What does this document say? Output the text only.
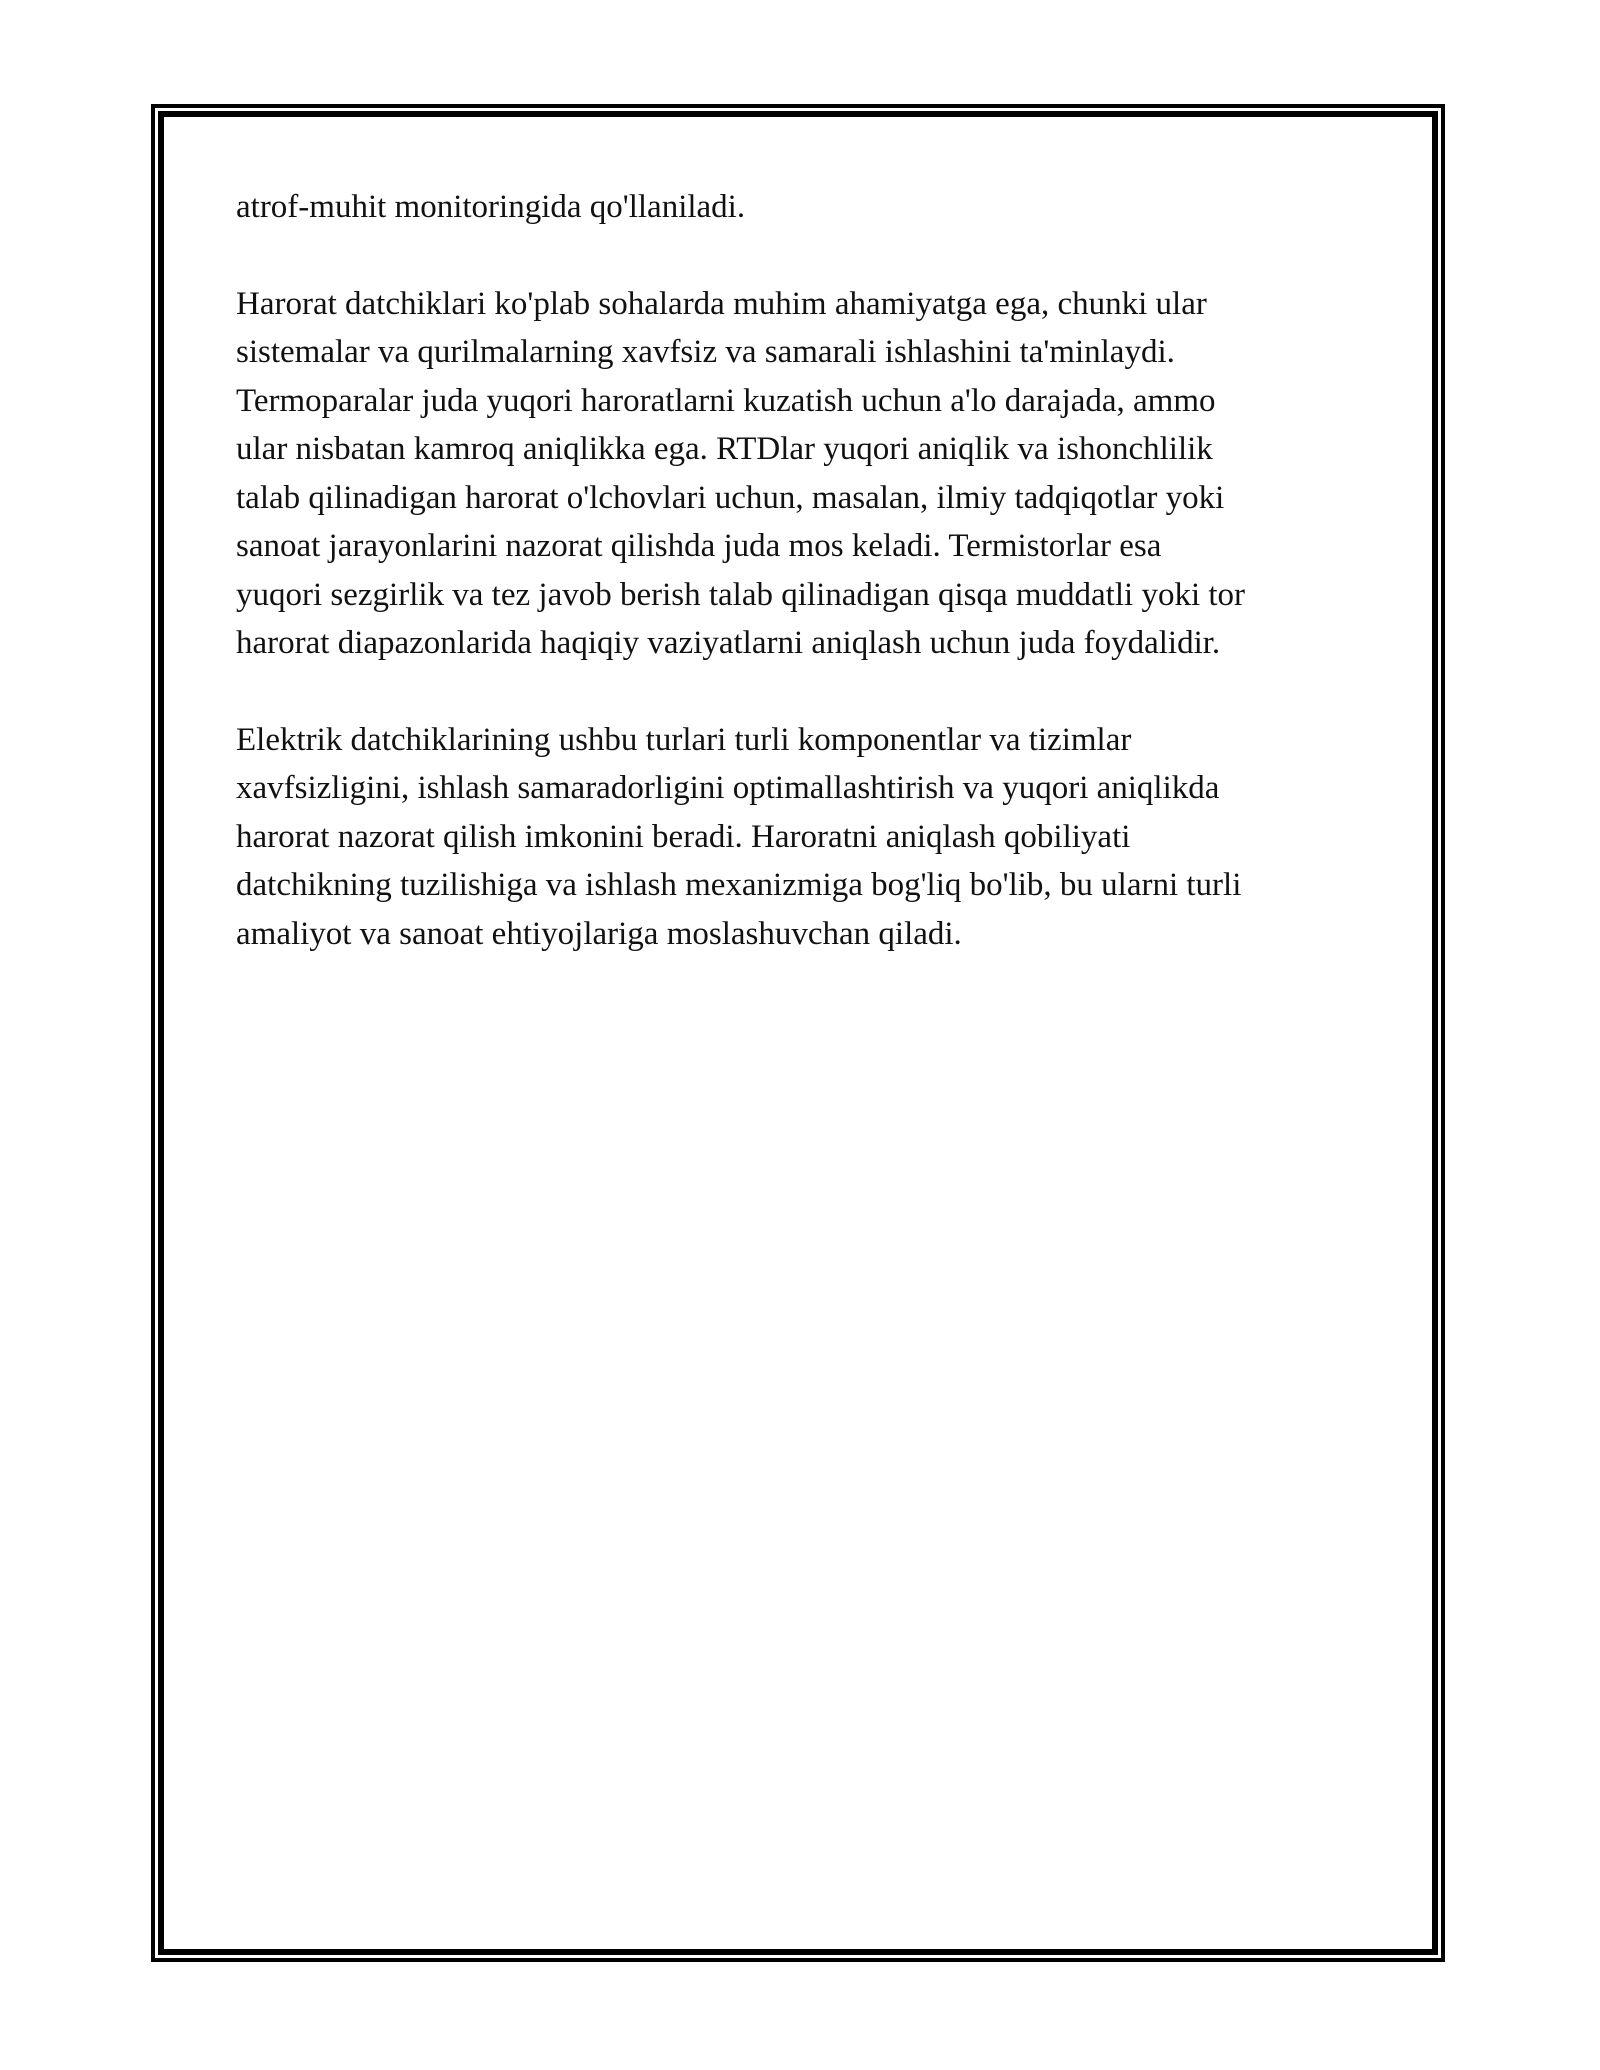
atrof-muhit monitoringida qo'llaniladi.

Harorat datchiklari ko'plab sohalarda muhim ahamiyatga ega, chunki ular
sistemalar va qurilmalarning xavfsiz va samarali ishlashini ta'minlaydi.
Termoparalar juda yuqori haroratlarni kuzatish uchun a'lo darajada, ammo
ular nisbatan kamroq aniqlikka ega. RTDlar yuqori aniqlik va ishonchlilik
talab qilinadigan harorat o'lchovlari uchun, masalan, ilmiy tadqiqotlar yoki
sanoat jarayonlarini nazorat qilishda juda mos keladi. Termistorlar esa
yuqori sezgirlik va tez javob berish talab qilinadigan qisqa muddatli yoki tor
harorat diapazonlarida haqiqiy vaziyatlarni aniqlash uchun juda foydalidir.

Elektrik datchiklarining ushbu turlari turli komponentlar va tizimlar
xavfsizligini, ishlash samaradorligini optimallashtirish va yuqori aniqlikda
harorat nazorat qilish imkonini beradi. Haroratni aniqlash qobiliyati
datchikning tuzilishiga va ishlash mexanizmiga bog'liq bo'lib, bu ularni turli
amaliyot va sanoat ehtiyojlariga moslashuvchan qiladi.
